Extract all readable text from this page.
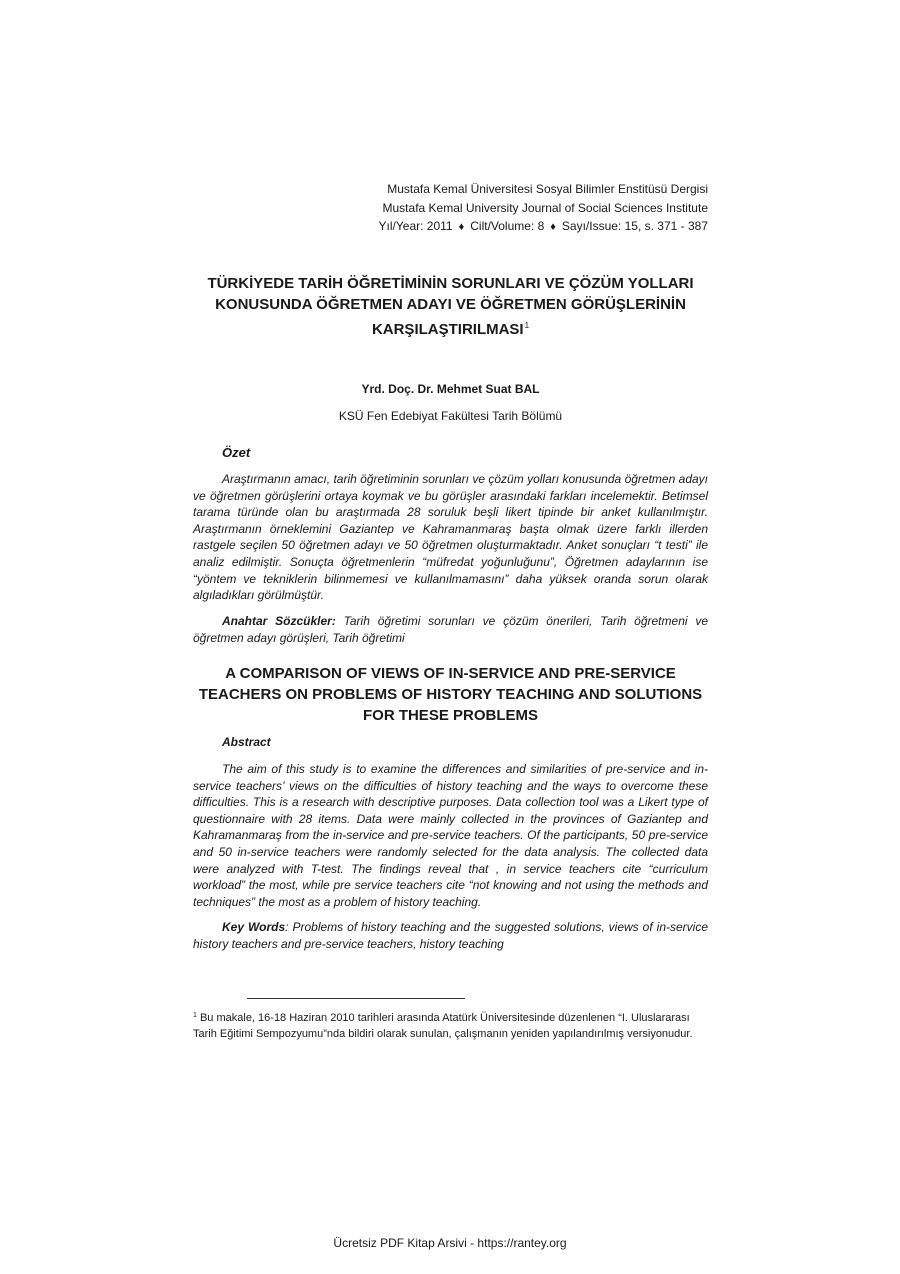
Mustafa Kemal Üniversitesi Sosyal Bilimler Enstitüsü Dergisi
Mustafa Kemal University Journal of Social Sciences Institute
Yıl/Year: 2011 ♦ Cilt/Volume: 8 ♦ Sayı/Issue: 15, s. 371 - 387
TÜRKİYEDE TARİH ÖĞRETİMİNİN SORUNLARI VE ÇÖZÜM YOLLARI
KONUSUNDA ÖĞRETMEN ADAYI VE ÖĞRETMEN GÖRÜŞLERİNİN
KARŞILAŞTIRILMASI$^1$
Yrd. Doç. Dr. Mehmet Suat BAL
KSÜ Fen Edebiyat Fakültesi Tarih Bölümü
Özet
Araştırmanın amacı, tarih öğretiminin sorunları ve çözüm yolları konusunda öğretmen adayı ve öğretmen görüşlerini ortaya koymak ve bu görüşler arasındaki farkları incelemektir. Betimsel tarama türünde olan bu araştırmada 28 soruluk beşli likert tipinde bir anket kullanılmıştır. Araştırmanın örneklemini Gaziantep ve Kahramanmaraş başta olmak üzere farklı illerden rastgele seçilen 50 öğretmen adayı ve 50 öğretmen oluşturmaktadır. Anket sonuçları “t testi” ile analiz edilmiştir. Sonuçta öğretmenlerin “müfredat yoğunluğunu”, Öğretmen adaylarının ise “yöntem ve tekniklerin bilinmemesi ve kullanılmamasını” daha yüksek oranda sorun olarak algıladıkları görülmüştür.
Anahtar Sözcükler: Tarih öğretimi sorunları ve çözüm önerileri, Tarih öğretmeni ve öğretmen adayı görüşleri, Tarih öğretimi
A COMPARISON OF VIEWS OF IN-SERVICE AND PRE-SERVICE
TEACHERS ON PROBLEMS OF HISTORY TEACHING AND SOLUTIONS
FOR THESE PROBLEMS
Abstract
The aim of this study is to examine the differences and similarities of pre-service and in-service teachers’ views on the difficulties of history teaching and the ways to overcome these difficulties. This is a research with descriptive purposes. Data collection tool was a Likert type of questionnaire with 28 items. Data were mainly collected in the provinces of Gaziantep and Kahramanmaraş from the in-service and pre-service teachers. Of the participants, 50 pre-service and 50 in-service teachers were randomly selected for the data analysis. The collected data were analyzed with T-test. The findings reveal that , in service teachers cite “curriculum workload” the most, while pre service teachers cite “not knowing and not using the methods and techniques” the most as a problem of history teaching.
Key Words: Problems of history teaching and the suggested solutions, views of in-service history teachers and pre-service teachers, history teaching
$^1$ Bu makale, 16-18 Haziran 2010 tarihleri arasında Atatürk Üniversitesinde düzenlenen “I. Uluslararası Tarih Eğitimi Sempozyumu”nda bildiri olarak sunulan, çalışmanın yeniden yapılandırılmış versiyonudur.
Ücretsiz PDF Kitap Arsivi - https://rantey.org
